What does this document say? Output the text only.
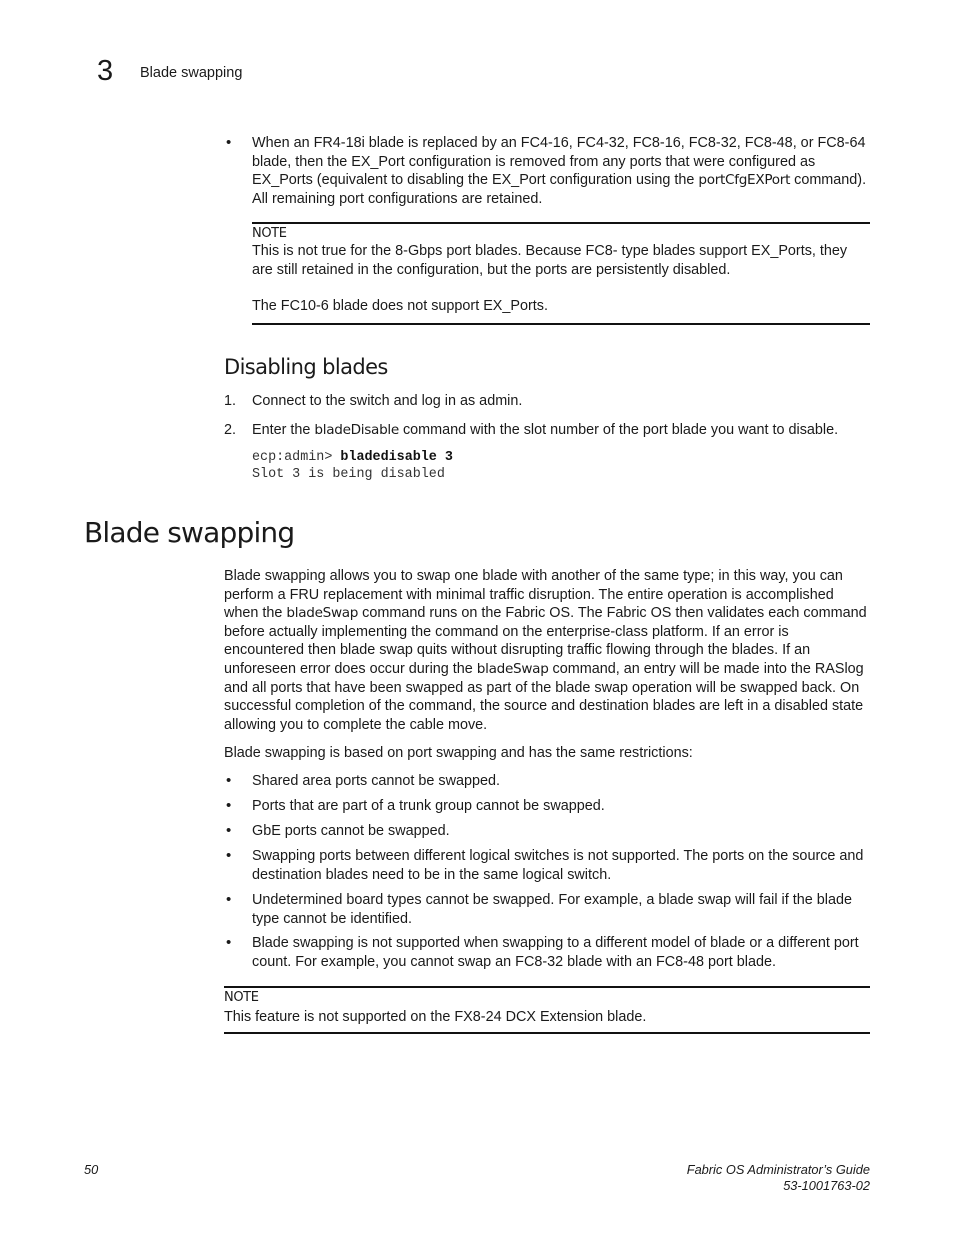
3 Blade swapping
• When an FR4-18i blade is replaced by an FC4-16, FC4-32, FC8-16, FC8-32, FC8-48, or FC8-64 blade, then the EX_Port configuration is removed from any ports that were configured as EX_Ports (equivalent to disabling the EX_Port configuration using the portCfgEXPort command). All remaining port configurations are retained.
NOTE
This is not true for the 8-Gbps port blades. Because FC8- type blades support EX_Ports, they are still retained in the configuration, but the ports are persistently disabled.
The FC10-6 blade does not support EX_Ports.
Disabling blades
1. Connect to the switch and log in as admin.
2. Enter the bladeDisable command with the slot number of the port blade you want to disable.
ecp:admin> bladedisable 3
Slot 3 is being disabled
Blade swapping
Blade swapping allows you to swap one blade with another of the same type; in this way, you can perform a FRU replacement with minimal traffic disruption. The entire operation is accomplished when the bladeSwap command runs on the Fabric OS. The Fabric OS then validates each command before actually implementing the command on the enterprise-class platform. If an error is encountered then blade swap quits without disrupting traffic flowing through the blades. If an unforeseen error does occur during the bladeSwap command, an entry will be made into the RASlog and all ports that have been swapped as part of the blade swap operation will be swapped back. On successful completion of the command, the source and destination blades are left in a disabled state allowing you to complete the cable move.
Blade swapping is based on port swapping and has the same restrictions:
• Shared area ports cannot be swapped.
• Ports that are part of a trunk group cannot be swapped.
• GbE ports cannot be swapped.
• Swapping ports between different logical switches is not supported. The ports on the source and destination blades need to be in the same logical switch.
• Undetermined board types cannot be swapped. For example, a blade swap will fail if the blade type cannot be identified.
• Blade swapping is not supported when swapping to a different model of blade or a different port count. For example, you cannot swap an FC8-32 blade with an FC8-48 port blade.
NOTE
This feature is not supported on the FX8-24 DCX Extension blade.
50	Fabric OS Administrator’s Guide
53-1001763-02
